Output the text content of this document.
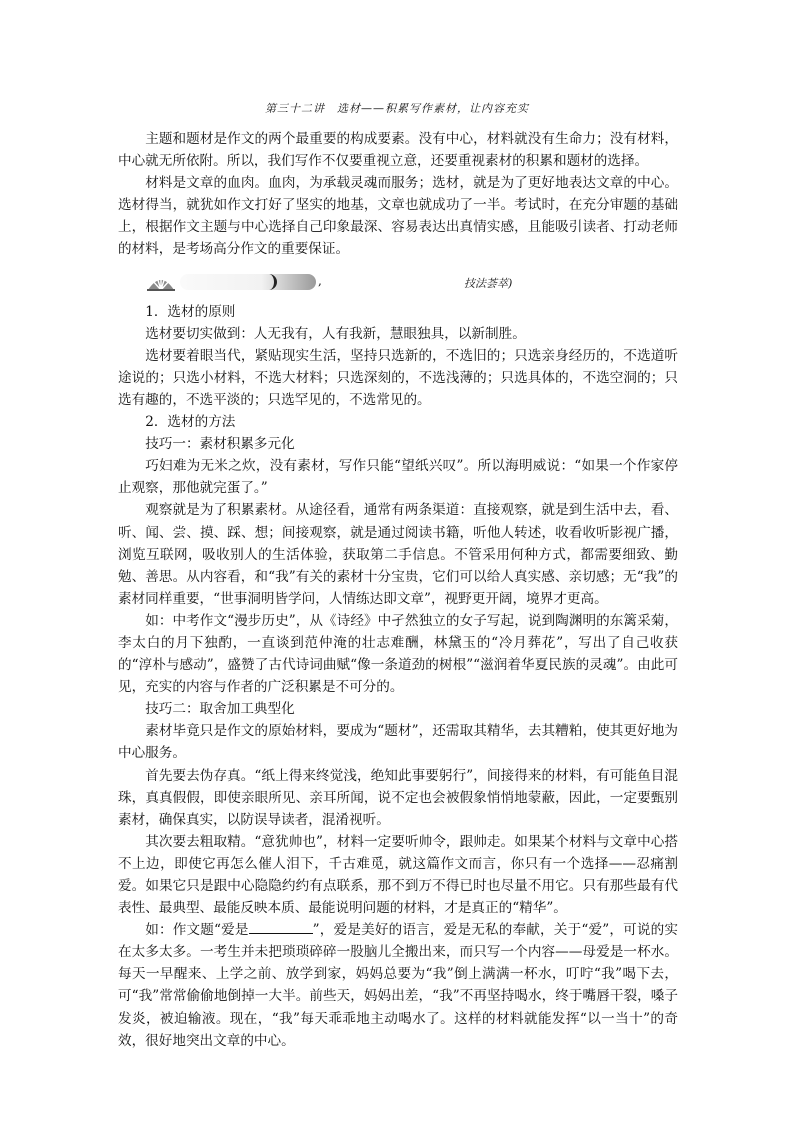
第三十二讲　选材——积累写作素材，让内容充实

主题和题材是作文的两个最重要的构成要素。没有中心，材料就没有生命力；没有材料，中心就无所依附。所以，我们写作不仅要重视立意，还要重视素材的积累和题材的选择。

材料是文章的血肉。血肉，为承载灵魂而服务；选材，就是为了更好地表达文章的中心。选材得当，就犹如作文打好了坚实的地基，文章也就成功了一半。考试时，在充分审题的基础上，根据作文主题与中心选择自己印象最深、容易表达出真情实感，且能吸引读者、打动老师的材料，是考场高分作文的重要保证。

,	技法荟萃)

1．选材的原则

选材要切实做到：人无我有，人有我新，慧眼独具，以新制胜。

选材要着眼当代，紧贴现实生活，坚持只选新的，不选旧的；只选亲身经历的，不选道听途说的；只选小材料，不选大材料；只选深刻的，不选浅薄的；只选具体的，不选空洞的；只选有趣的，不选平淡的；只选罕见的，不选常见的。

2．选材的方法

技巧一：素材积累多元化

巧妇难为无米之炊，没有素材，写作只能“望纸兴叹”。所以海明威说：“如果一个作家停止观察，那他就完蛋了。”

观察就是为了积累素材。从途径看，通常有两条渠道：直接观察，就是到生活中去，看、听、闻、尝、摸、踩、想；间接观察，就是通过阅读书籍，听他人转述，收看收听影视广播，浏览互联网，吸收别人的生活体验，获取第二手信息。不管采用何种方式，都需要细致、勤勉、善思。从内容看，和“我”有关的素材十分宝贵，它们可以给人真实感、亲切感；无“我”的素材同样重要，“世事洞明皆学问，人情练达即文章”，视野更开阔，境界才更高。

如：中考作文“漫步历史”，从《诗经》中孑然独立的女子写起，说到陶渊明的东篱采菊，李太白的月下独酌，一直谈到范仲淹的壮志难酬，林黛玉的“冷月葬花”，写出了自己收获的“淳朴与感动”，盛赞了古代诗词曲赋“像一条道劲的树根”“滋润着华夏民族的灵魂”。由此可见，充实的内容与作者的广泛积累是不可分的。

技巧二：取舍加工典型化

素材毕竟只是作文的原始材料，要成为“题材”，还需取其精华，去其糟粕，使其更好地为中心服务。

首先要去伪存真。“纸上得来终觉浅，绝知此事要躬行”，间接得来的材料，有可能鱼目混珠，真真假假，即使亲眼所见、亲耳所闻，说不定也会被假象悄悄地蒙蔽，因此，一定要甄别素材，确保真实，以防误导读者，混淆视听。

其次要去粗取精。“意犹帅也”，材料一定要听帅令，跟帅走。如果某个材料与文章中心搭不上边，即使它再怎么催人泪下，千古难觅，就这篇作文而言，你只有一个选择——忍痛割爱。如果它只是跟中心隐隐约约有点联系，那不到万不得已时也尽量不用它。只有那些最有代表性、最典型、最能反映本质、最能说明问题的材料，才是真正的“精华”。

如：作文题“爱是	”，爱是美好的语言，爱是无私的奉献，关于“爱”，可说的实在太多太多。一考生并未把琐琐碎碎一股脑儿全搬出来，而只写一个内容——母爱是一杯水。每天一早醒来、上学之前、放学到家，妈妈总要为“我”倒上满满一杯水，叮咛“我”喝下去，可“我”常常偷偷地倒掉一大半。前些天，妈妈出差，“我”不再坚持喝水，终于嘴唇干裂，嗓子发炎，被迫输液。现在，“我”每天乖乖地主动喝水了。这样的材料就能发挥“以一当十”的奇效，很好地突出文章的中心。
